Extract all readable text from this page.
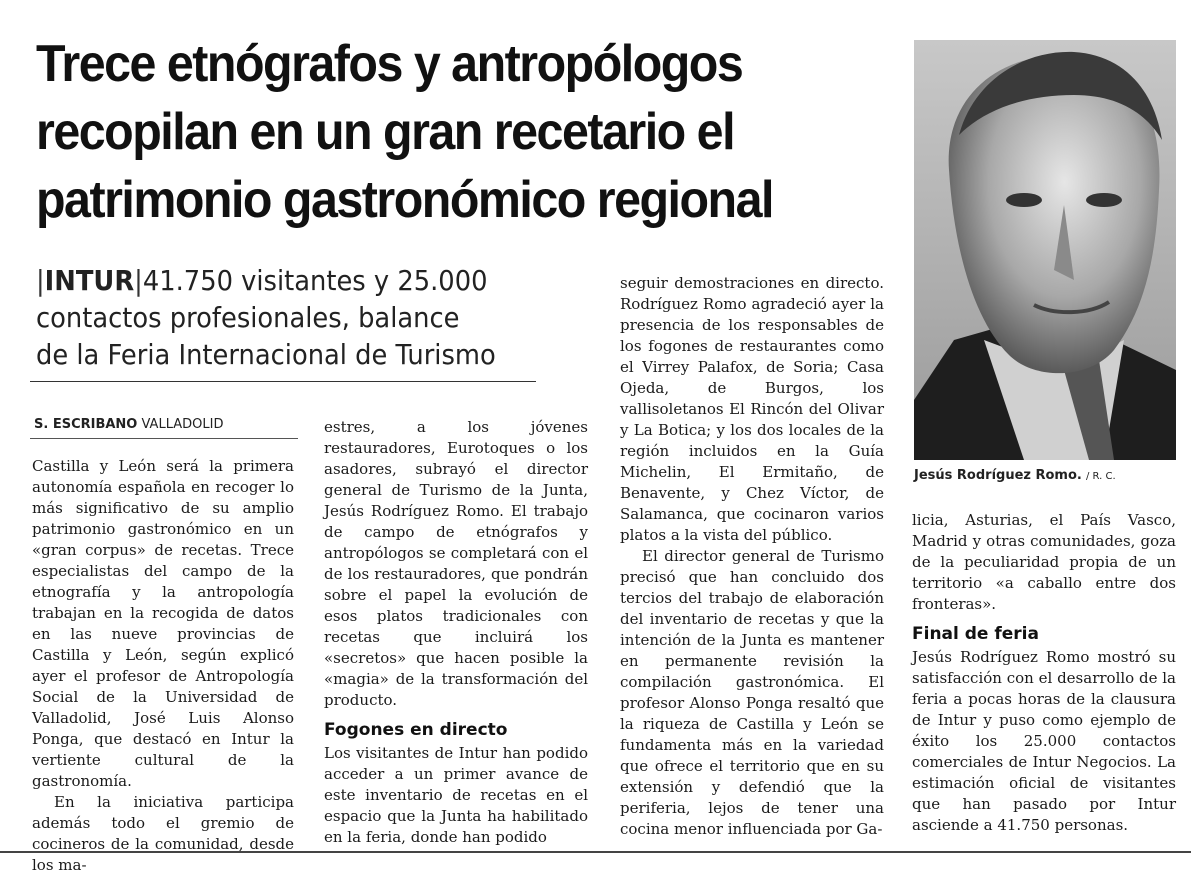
Trece etnógrafos y antropólogos recopilan en un gran recetario el patrimonio gastronómico regional
|INTUR|41.750 visitantes y 25.000 contactos profesionales, balance de la Feria Internacional de Turismo
S. ESCRIBANO VALLADOLID

Castilla y León será la primera autonomía española en recoger lo más significativo de su amplio patrimonio gastronómico en un «gran corpus» de recetas. Trece especialistas del campo de la etnografía y la antropología trabajan en la recogida de datos en las nueve provincias de Castilla y León, según explicó ayer el profesor de Antropología Social de la Universidad de Valladolid, José Luis Alonso Ponga, que destacó en Intur la vertiente cultural de la gastronomía.

En la iniciativa participa además todo el gremio de cocineros de la comunidad, desde los ma-

estres, a los jóvenes restauradores, Eurotoques o los asadores, subrayó el director general de Turismo de la Junta, Jesús Rodríguez Romo. El trabajo de campo de etnógrafos y antropólogos se completará con el de los restauradores, que pondrán sobre el papel la evolución de esos platos tradicionales con recetas que incluirá los «secretos» que hacen posible la «magia» de la transformación del producto.

Fogones en directo

Los visitantes de Intur han podido acceder a un primer avance de este inventario de recetas en el espacio que la Junta ha habilitado en la feria, donde han podido

seguir demostraciones en directo. Rodríguez Romo agradeció ayer la presencia de los responsables de los fogones de restaurantes como el Virrey Palafox, de Soria; Casa Ojeda, de Burgos, los vallisoletanos El Rincón del Olivar y La Botica; y los dos locales de la región incluidos en la Guía Michelin, El Ermitaño, de Benavente, y Chez Víctor, de Salamanca, que cocinaron varios platos a la vista del público.

El director general de Turismo precisó que han concluido dos tercios del trabajo de elaboración del inventario de recetas y que la intención de la Junta es mantener en permanente revisión la compilación gastronómica. El profesor Alonso Ponga resaltó que la riqueza de Castilla y León se fundamenta más en la variedad que ofrece el territorio que en su extensión y defendió que la periferia, lejos de tener una cocina menor influenciada por Ga-

Jesús Rodríguez Romo. / R. C.

licia, Asturias, el País Vasco, Madrid y otras comunidades, goza de la peculiaridad propia de un territorio «a caballo entre dos fronteras».

Final de feria

Jesús Rodríguez Romo mostró su satisfacción con el desarrollo de la feria a pocas horas de la clausura de Intur y puso como ejemplo de éxito los 25.000 contactos comerciales de Intur Negocios. La estimación oficial de visitantes que han pasado por Intur asciende a 41.750 personas.
